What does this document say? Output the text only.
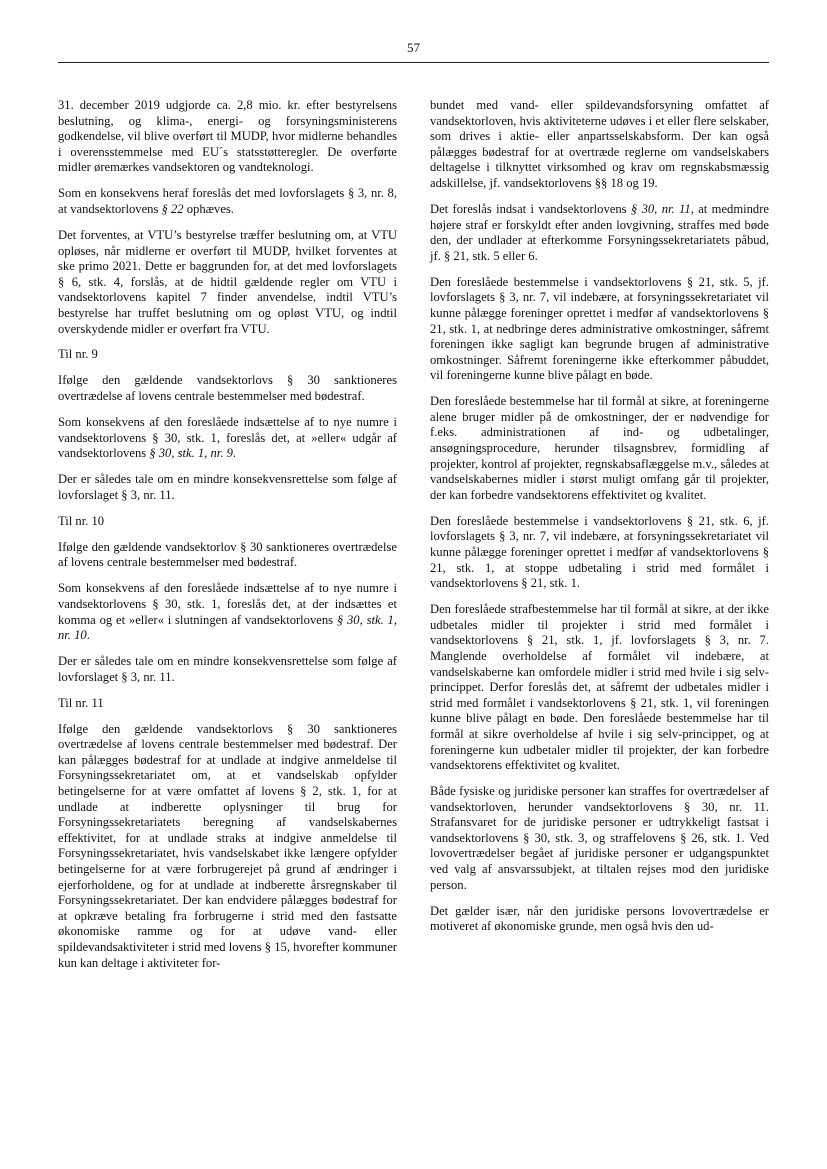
57

31. december 2019 udgjorde ca. 2,8 mio. kr. efter bestyrelsens beslutning, og klima-, energi- og forsyningsministerens godkendelse, vil blive overført til MUDP, hvor midlerne behandles i overensstemmelse med EU´s statsstøtteregler. De overførte midler øremærkes vandsektoren og vandteknologi.

Som en konsekvens heraf foreslås det med lovforslagets § 3, nr. 8, at vandsektorlovens § 22 ophæves.

Det forventes, at VTU’s bestyrelse træffer beslutning om, at VTU opløses, når midlerne er overført til MUDP, hvilket forventes at ske primo 2021. Dette er baggrunden for, at det med lovforslagets § 6, stk. 4, forslås, at de hidtil gældende regler om VTU i vandsektorlovens kapitel 7 finder anvendelse, indtil VTU’s bestyrelse har truffet beslutning om og opløst VTU, og indtil overskydende midler er overført fra VTU.

Til nr. 9

Ifølge den gældende vandsektorlovs § 30 sanktioneres overtrædelse af lovens centrale bestemmelser med bødestraf.

Som konsekvens af den foreslåede indsættelse af to nye numre i vandsektorlovens § 30, stk. 1, foreslås det, at »eller« udgår af vandsektorlovens § 30, stk. 1, nr. 9.

Der er således tale om en mindre konsekvensrettelse som følge af lovforslaget § 3, nr. 11.

Til nr. 10

Ifølge den gældende vandsektorlov § 30 sanktioneres overtrædelse af lovens centrale bestemmelser med bødestraf.

Som konsekvens af den foreslåede indsættelse af to nye numre i vandsektorlovens § 30, stk. 1, foreslås det, at der indsættes et komma og et »eller« i slutningen af vandsektorlovens § 30, stk. 1, nr. 10.

Der er således tale om en mindre konsekvensrettelse som følge af lovforslaget § 3, nr. 11.

Til nr. 11

Ifølge den gældende vandsektorlovs § 30 sanktioneres overtrædelse af lovens centrale bestemmelser med bødestraf. Der kan pålægges bødestraf for at undlade at indgive anmeldelse til Forsyningssekretariatet om, at et vandselskab opfylder betingelserne for at være omfattet af lovens § 2, stk. 1, for at undlade at indberette oplysninger til brug for Forsyningssekretariatets beregning af vandselskabernes effektivitet, for at undlade straks at indgive anmeldelse til Forsyningssekretariatet, hvis vandselskabet ikke længere opfylder betingelserne for at være forbrugerejet på grund af ændringer i ejerforholdene, og for at undlade at indberette årsregnskaber til Forsyningssekretariatet. Der kan endvidere pålægges bødestraf for at opkræve betaling fra forbrugerne i strid med den fastsatte økonomiske ramme og for at udøve vand- eller spildevandsaktiviteter i strid med lovens § 15, hvorefter kommuner kun kan deltage i aktiviteter for-

bundet med vand- eller spildevandsforsyning omfattet af vandsektorloven, hvis aktiviteterne udøves i et eller flere selskaber, som drives i aktie- eller anpartsselskabsform. Der kan også pålægges bødestraf for at overtræde reglerne om vandselskabers deltagelse i tilknyttet virksomhed og krav om regnskabsmæssig adskillelse, jf. vandsektorlovens §§ 18 og 19.

Det foreslås indsat i vandsektorlovens § 30, nr. 11, at medmindre højere straf er forskyldt efter anden lovgivning, straffes med bøde den, der undlader at efterkomme Forsyningssekretariatets påbud, jf. § 21, stk. 5 eller 6.

Den foreslåede bestemmelse i vandsektorlovens § 21, stk. 5, jf. lovforslagets § 3, nr. 7, vil indebære, at forsyningssekretariatet vil kunne pålægge foreninger oprettet i medfør af vandsektorlovens § 21, stk. 1, at nedbringe deres administrative omkostninger, såfremt foreningen ikke sagligt kan begrunde brugen af administrative omkostninger. Såfremt foreningerne ikke efterkommer påbuddet, vil foreningerne kunne blive pålagt en bøde.

Den foreslåede bestemmelse har til formål at sikre, at foreningerne alene bruger midler på de omkostninger, der er nødvendige for f.eks. administrationen af ind- og udbetalinger, ansøgningsprocedure, herunder tilsagnsbrev, formidling af projekter, kontrol af projekter, regnskabsaflæggelse m.v., således at vandselskabernes midler i størst muligt omfang går til projekter, der kan forbedre vandsektorens effektivitet og kvalitet.

Den foreslåede bestemmelse i vandsektorlovens § 21, stk. 6, jf. lovforslagets § 3, nr. 7, vil indebære, at forsyningssekretariatet vil kunne pålægge foreninger oprettet i medfør af vandsektorlovens § 21, stk. 1, at stoppe udbetaling i strid med formålet i vandsektorlovens § 21, stk. 1.

Den foreslåede strafbestemmelse har til formål at sikre, at der ikke udbetales midler til projekter i strid med formålet i vandsektorlovens § 21, stk. 1, jf. lovforslagets § 3, nr. 7. Manglende overholdelse af formålet vil indebære, at vandselskaberne kan omfordele midler i strid med hvile i sig selv-princippet. Derfor foreslås det, at såfremt der udbetales midler i strid med formålet i vandsektorlovens § 21, stk. 1, vil foreningen kunne blive pålagt en bøde. Den foreslåede bestemmelse har til formål at sikre overholdelse af hvile i sig selv-princippet, og at foreningerne kun udbetaler midler til projekter, der kan forbedre vandsektorens effektivitet og kvalitet.

Både fysiske og juridiske personer kan straffes for overtrædelser af vandsektorloven, herunder vandsektorlovens § 30, nr. 11. Strafansvaret for de juridiske personer er udtrykkeligt fastsat i vandsektorlovens § 30, stk. 3, og straffelovens § 26, stk. 1. Ved lovovertrædelser begået af juridiske personer er udgangspunktet ved valg af ansvarssubjekt, at tiltalen rejses mod den juridiske person.

Det gælder især, når den juridiske persons lovovertrædelse er motiveret af økonomiske grunde, men også hvis den ud-
